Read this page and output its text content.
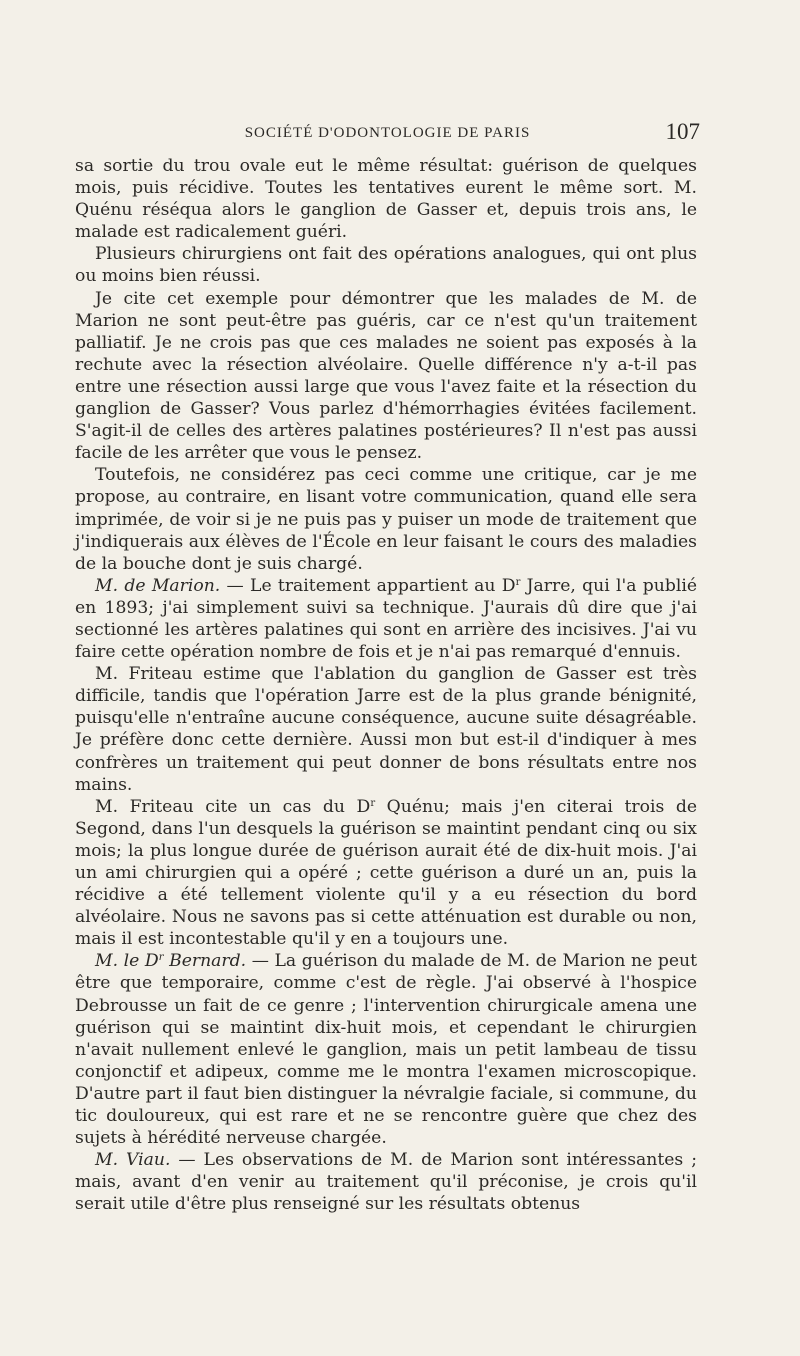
SOCIÉTÉ D'ODONTOLOGIE DE PARIS	107

sa sortie du trou ovale eut le même résultat: guérison de quelques mois, puis récidive. Toutes les tentatives eurent le même sort. M. Quénu réséqua alors le ganglion de Gasser et, depuis trois ans, le malade est radicalement guéri.

Plusieurs chirurgiens ont fait des opérations analogues, qui ont plus ou moins bien réussi.

Je cite cet exemple pour démontrer que les malades de M. de Marion ne sont peut-être pas guéris, car ce n'est qu'un traitement palliatif. Je ne crois pas que ces malades ne soient pas exposés à la rechute avec la résection alvéolaire. Quelle différence n'y a-t-il pas entre une résection aussi large que vous l'avez faite et la résection du ganglion de Gasser? Vous parlez d'hémorrhagies évitées facilement. S'agit-il de celles des artères palatines postérieures? Il n'est pas aussi facile de les arrêter que vous le pensez.

Toutefois, ne considérez pas ceci comme une critique, car je me propose, au contraire, en lisant votre communication, quand elle sera imprimée, de voir si je ne puis pas y puiser un mode de traitement que j'indiquerais aux élèves de l'École en leur faisant le cours des maladies de la bouche dont je suis chargé.

M. de Marion. — Le traitement appartient au $D^r$ Jarre, qui l'a publié en 1893; j'ai simplement suivi sa technique. J'aurais dû dire que j'ai sectionné les artères palatines qui sont en arrière des incisives. J'ai vu faire cette opération nombre de fois et je n'ai pas remarqué d'ennuis.

M. Friteau estime que l'ablation du ganglion de Gasser est très difficile, tandis que l'opération Jarre est de la plus grande bénignité, puisqu'elle n'entraîne aucune conséquence, aucune suite désagréable. Je préfère donc cette dernière. Aussi mon but est-il d'indiquer à mes confrères un traitement qui peut donner de bons résultats entre nos mains.

M. Friteau cite un cas du $D^r$ Quénu; mais j'en citerai trois de Segond, dans l'un desquels la guérison se maintint pendant cinq ou six mois; la plus longue durée de guérison aurait été de dix-huit mois. J'ai un ami chirurgien qui a opéré ; cette guérison a duré un an, puis la récidive a été tellement violente qu'il y a eu résection du bord alvéolaire. Nous ne savons pas si cette atténuation est durable ou non, mais il est incontestable qu'il y en a toujours une.

M. le $D^r$ Bernard. — La guérison du malade de M. de Marion ne peut être que temporaire, comme c'est de règle. J'ai observé à l'hospice Debrousse un fait de ce genre ; l'intervention chirurgicale amena une guérison qui se maintint dix-huit mois, et cependant le chirurgien n'avait nullement enlevé le ganglion, mais un petit lambeau de tissu conjonctif et adipeux, comme me le montra l'examen microscopique. D'autre part il faut bien distinguer la névralgie faciale, si commune, du tic douloureux, qui est rare et ne se rencontre guère que chez des sujets à hérédité nerveuse chargée.

M. Viau. — Les observations de M. de Marion sont intéressantes ; mais, avant d'en venir au traitement qu'il préconise, je crois qu'il serait utile d'être plus renseigné sur les résultats obtenus
